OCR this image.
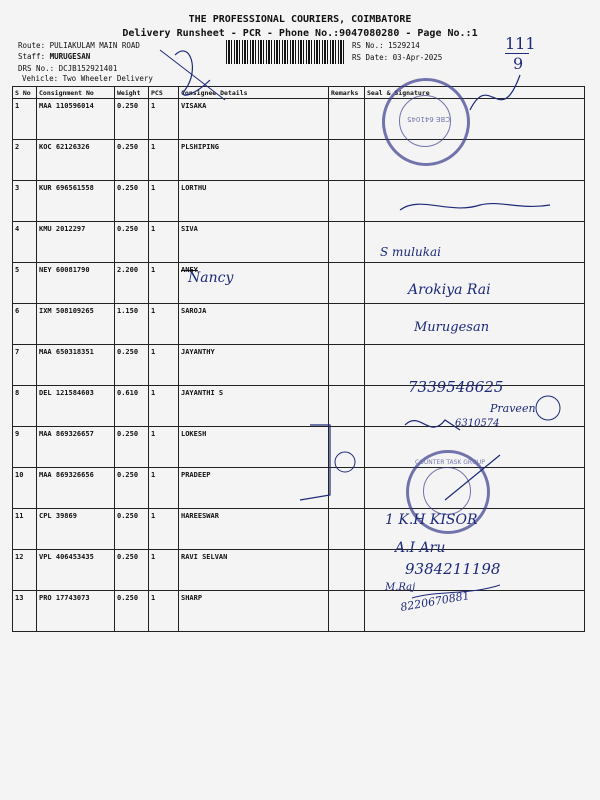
THE PROFESSIONAL COURIERS, COIMBATORE
Delivery Runsheet - PCR - Phone No.:9047080280 - Page No.:1
Route: PULIAKULAM MAIN ROAD
Staff: MURUGESAN
DRS No.: DCJB152921401
Vehicle: Two Wheeler Delivery
RS No.: 1529214
RS Date: 03-Apr-2025
111
9
S No	Consignment No	Weight	PCS	Consignee Details	Remarks	Seal & Signature
1	MAA 110596014	0.250	1	VISAKA		
2	KOC 62126326	0.250	1	PLSHIPING		
3	KUR 696561558	0.250	1	LORTHU		
4	KMU 2012297	0.250	1	SIVA		
5	NEY 60081790	2.200	1	ANEY		
6	IXM 508109265	1.150	1	SAROJA		
7	MAA 650318351	0.250	1	JAYANTHY		
8	DEL 121584603	0.610	1	JAYANTHI S		
9	MAA 869326657	0.250	1	LOKESH		
10	MAA 869326656	0.250	1	PRADEEP		
11	CPL 39869	0.250	1	HAREESWAR		
12	VPL 406453435	0.250	1	RAVI SELVAN		
13	PRO 17743073	0.250	1	SHARP		
CBE 641045
COUNTER TASK GROUP
Nancy
S mulukai
Arokiya Rai
Murugesan
7339548625
Praveen
6310574
1 K.H KISOR
A.I Aru
9384211198
M.Raj
8220670881
